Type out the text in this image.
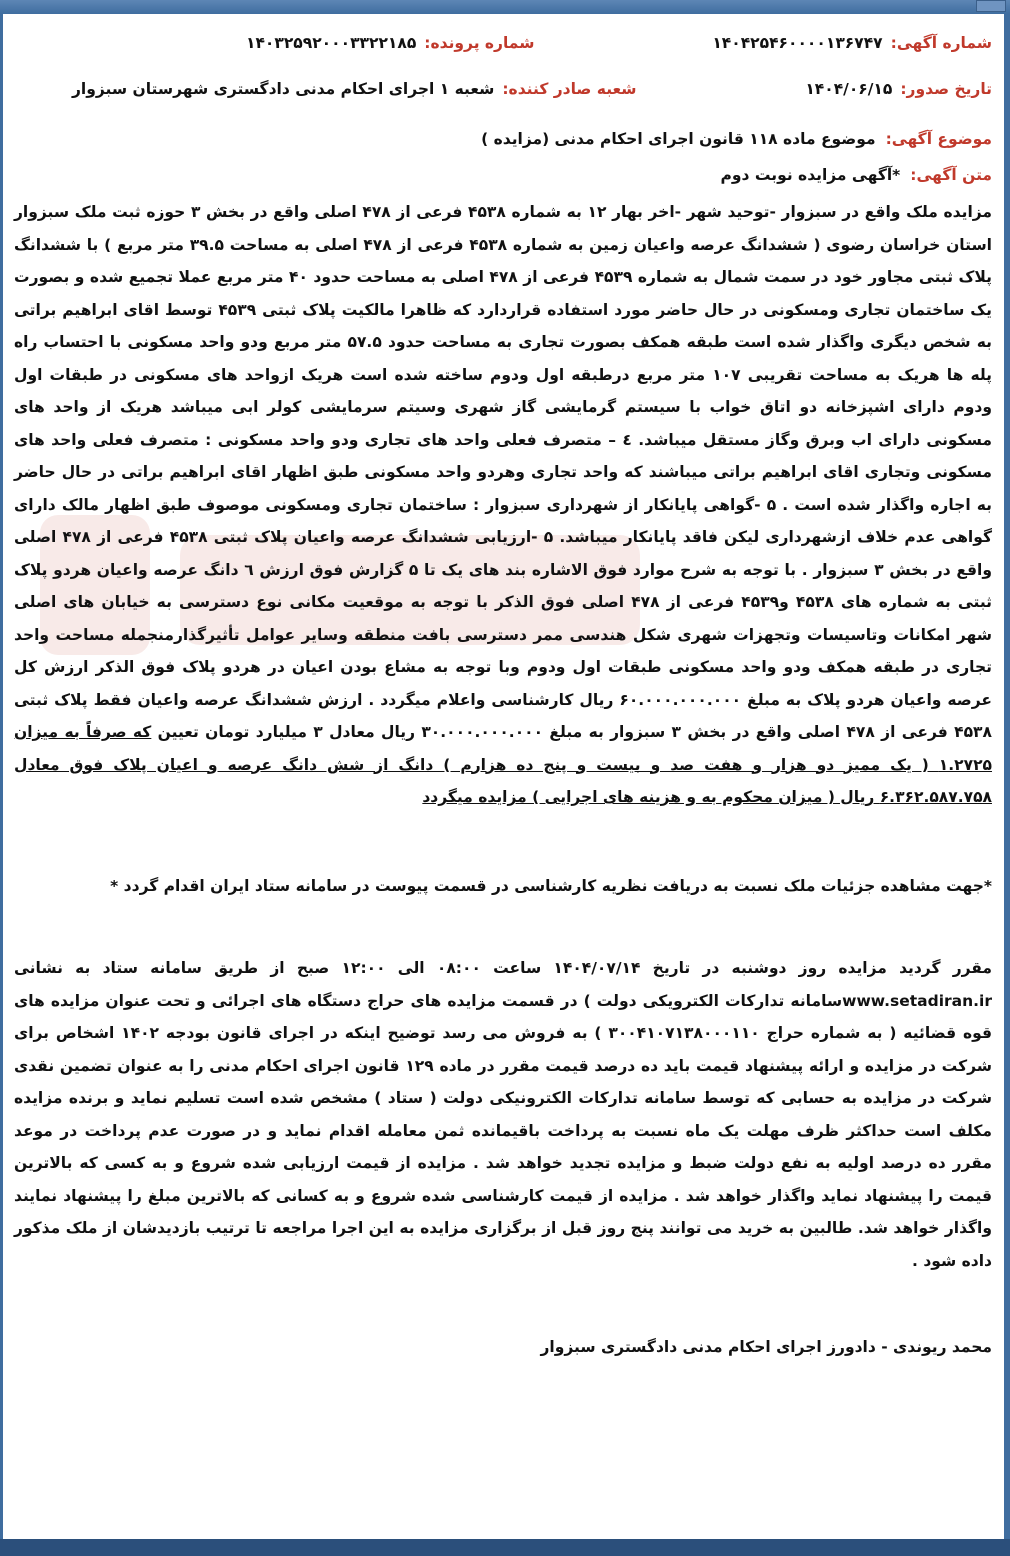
شماره آگهی:۱۴۰۴۲۵۴۶۰۰۰۰۱۳۶۷۴۷
شماره پرونده:۱۴۰۳۲۵۹۲۰۰۰۳۳۲۲۱۸۵
تاریخ صدور:۱۴۰۴/۰۶/۱۵
شعبه صادر کننده:شعبه ۱ اجرای احکام مدنی دادگستری شهرستان سبزوار
موضوع آگهی:موضوع ماده ۱۱۸ قانون اجرای احکام مدنی (مزایده )
متن آگهی:*آگهی مزایده نوبت دوم

مزایده ملک واقع در سبزوار -توحید شهر -اخر بهار ۱۲ به شماره ۴۵۳۸ فرعی از ۴۷۸ اصلی واقع در بخش ۳ حوزه ثبت ملک سبزوار استان خراسان رضوی ( ششدانگ عرصه واعیان زمین به شماره ۴۵۳۸ فرعی از ۴۷۸ اصلی به مساحت ۳۹.۵ متر مربع ) با ششدانگ پلاک ثبتی مجاور خود در سمت شمال به شماره ۴۵۳۹ فرعی از ۴۷۸ اصلی به مساحت حدود ۴۰ متر مربع عملا تجمیع شده و بصورت یک ساختمان تجاری ومسکونی در حال حاضر مورد استفاده قراردارد که ظاهرا مالکیت پلاک ثبتی ۴۵۳۹ توسط اقای ابراهیم براتی به شخص دیگری واگذار شده است طبقه همکف بصورت تجاری به مساحت حدود ۵۷.۵ متر مربع ودو واحد مسکونی با احتساب راه پله ها هریک به مساحت تقریبی ۱۰۷ متر مربع درطبقه اول ودوم ساخته شده است هریک ازواحد های مسکونی در طبقات اول ودوم دارای اشپزخانه دو اتاق خواب با سیستم گرمایشی گاز شهری وسیتم سرمایشی کولر ابی میباشد هریک از واحد های مسکونی دارای اب وبرق وگاز مستقل میباشد. ٤ – متصرف فعلی واحد های تجاری ودو واحد مسکونی : متصرف فعلی واحد های مسکونی وتجاری اقای ابراهیم براتی میباشند که واحد تجاری وهردو واحد مسکونی طبق اظهار اقای ابراهیم براتی در حال حاضر به اجاره واگذار شده است . ۵ -گواهی پایانکار از شهرداری سبزوار : ساختمان تجاری ومسکونی موصوف طبق اظهار مالک دارای گواهی عدم خلاف ازشهرداری لیکن فاقد پایانکار میباشد. ۵ -ارزیابی ششدانگ عرصه واعیان پلاک ثبتی ۴۵۳۸ فرعی از ۴۷۸ اصلی واقع در بخش ۳ سبزوار . با توجه به شرح موارد فوق الاشاره بند های یک تا ۵ گزارش فوق ارزش ٦ دانگ عرصه واعیان هردو پلاک ثبتی به شماره های ۴۵۳۸ و۴۵۳۹ فرعی از ۴۷۸ اصلی فوق الذکر با توجه به موقعیت مکانی نوع دسترسی به خیابان های اصلی شهر امکانات وتاسیسات وتجهزات شهری شکل هندسی ممر دسترسی بافت منطقه وسایر عوامل تأثیرگذارمنجمله مساحت واحد تجاری در طبقه همکف ودو واحد مسکونی طبقات اول ودوم وبا توجه به مشاع بودن اعیان در هردو پلاک فوق الذکر ارزش کل عرصه واعیان هردو پلاک به مبلغ ۶۰.۰۰۰.۰۰۰.۰۰۰ ریال کارشناسی واعلام میگردد . ارزش ششدانگ عرصه واعیان فقط پلاک ثبتی ۴۵۳۸ فرعی از ۴۷۸ اصلی واقع در بخش ۳ سبزوار به مبلغ ۳۰.۰۰۰.۰۰۰.۰۰۰ ریال معادل ۳ میلیارد تومان تعیین که صرفاً به میزان ۱.۲۷۲۵ ( یک ممیز دو هزار و هفت صد و بیست و پنج ده هزارم ) دانگ از شش دانگ عرصه و اعیان پلاک فوق معادل ۶.۳۶۲.۵۸۷.۷۵۸ ریال ( میزان محکوم به و هزینه های اجرایی ) مزایده میگردد

*جهت مشاهده جزئیات ملک نسبت به دریافت نظریه کارشناسی در قسمت پیوست در سامانه ستاد ایران اقدام گردد *

مقرر گردید مزایده روز دوشنبه در تاریخ ۱۴۰۴/۰۷/۱۴ ساعت ۰۸:۰۰ الی ۱۲:۰۰ صبح از طریق سامانه ستاد به نشانی www.setadiran.irسامانه تدارکات الکترویکی دولت ) در قسمت مزایده های حراج دستگاه های اجرائی و تحت عنوان مزایده های قوه قضائیه ( به شماره حراج ۳۰۰۴۱۰۷۱۳۸۰۰۰۱۱۰ ) به فروش می رسد توضیح اینکه در اجرای قانون بودجه ۱۴۰۲ اشخاص برای شرکت در مزایده و ارائه پیشنهاد قیمت باید ده درصد قیمت مقرر در ماده ۱۲۹ قانون اجرای احکام مدنی را به عنوان تضمین نقدی شرکت در مزایده به حسابی که توسط سامانه تدارکات الکترونیکی دولت ( ستاد ) مشخص شده است تسلیم نماید و برنده مزایده مکلف است حداکثر ظرف مهلت یک ماه نسبت به پرداخت باقیمانده ثمن معامله اقدام نماید و در صورت عدم پرداخت در موعد مقرر ده درصد اولیه به نفع دولت ضبط و مزایده تجدید خواهد شد . مزایده از قیمت ارزیابی شده شروع و به کسی که بالاترین قیمت را پیشنهاد نماید واگذار خواهد شد . مزایده از قیمت کارشناسی شده شروع و به کسانی که بالاترین مبلغ را پیشنهاد نمایند واگذار خواهد شد. طالبین به خرید می توانند پنج روز قبل از برگزاری مزایده به این اجرا مراجعه تا ترتیب بازدیدشان از ملک مذکور داده شود .

محمد ریوندی - دادورز اجرای احکام مدنی دادگستری سبزوار
